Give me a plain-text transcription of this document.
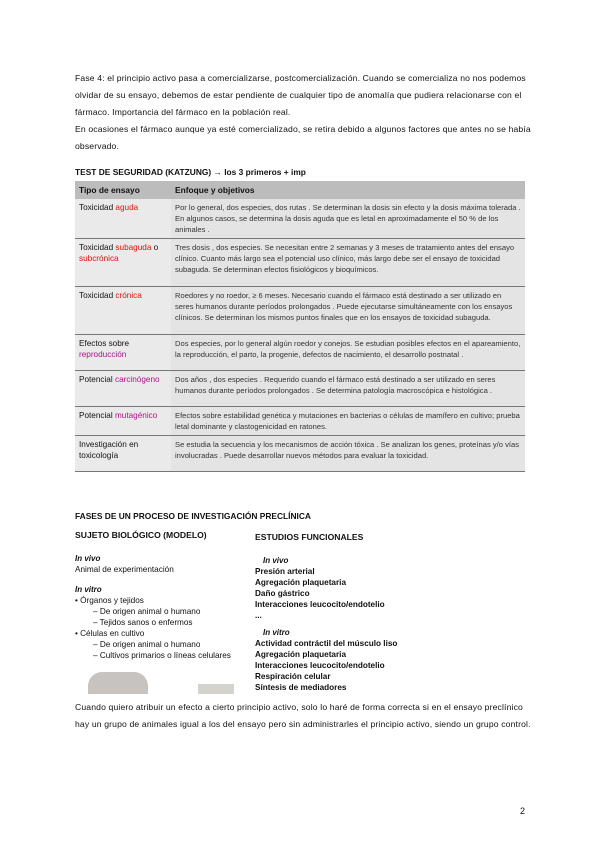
Fase 4: el principio activo pasa a comercializarse, postcomercialización. Cuando se comercializa no nos podemos olvidar de su ensayo, debemos de estar pendiente de cualquier tipo de anomalía que pudiera relacionarse con el fármaco. Importancia del fármaco en la población real.
En ocasiones el fármaco aunque ya esté comercializado, se retira debido a algunos factores que antes no se había observado.
TEST DE SEGURIDAD (KATZUNG) → los 3 primeros + imp
Tipo de ensayo	Enfoque y objetivos
Toxicidad aguda	Por lo general, dos especies, dos rutas . Se determinan la dosis sin efecto y la dosis máxima tolerada . En algunos casos, se determina la dosis aguda que es letal en aproximadamente el 50 % de los animales .
Toxicidad subaguda o subcrónica	Tres dosis , dos especies. Se necesitan entre 2 semanas y 3 meses de tratamiento antes del ensayo clínico. Cuanto más largo sea el potencial uso clínico, más largo debe ser el ensayo de toxicidad subaguda. Se determinan efectos fisiológicos y bioquímicos.
Toxicidad crónica	Roedores y no roedor, ≥ 6 meses. Necesario cuando el fármaco está destinado a ser utilizado en seres humanos durante períodos prolongados . Puede ejecutarse simultáneamente con los ensayos clínicos. Se determinan los mismos puntos finales que en los ensayos de toxicidad subaguda.
Efectos sobre reproducción	Dos especies, por lo general algún roedor y conejos. Se estudian posibles efectos en el apareamiento, la reproducción, el parto, la progenie, defectos de nacimiento, el desarrollo postnatal .
Potencial carcinógeno	Dos años , dos especies . Requerido cuando el fármaco está destinado a ser utilizado en seres humanos durante períodos prolongados . Se determina patología macroscópica e histológica .
Potencial mutagénico	Efectos sobre estabilidad genética y mutaciones en bacterias o células de mamífero en cultivo; prueba letal dominante y clastogenicidad en ratones.
Investigación en toxicología	Se estudia la secuencia y los mecanismos de acción tóxica . Se analizan los genes, proteínas y/o vías involucradas . Puede desarrollar nuevos métodos para evaluar la toxicidad.
FASES DE UN PROCESO DE INVESTIGACIÓN PRECLÍNICA
SUJETO BIOLÓGICO (MODELO)
In vivo
Animal de experimentación
In vitro
• Órganos y tejidos
– De origen animal o humano
– Tejidos sanos o enfermos
• Células en cultivo
– De origen animal o humano
– Cultivos primarios o líneas celulares
ESTUDIOS FUNCIONALES
In vivo
Presión arterial
Agregación plaquetaria
Daño gástrico
Interacciones leucocito/endotelio
...
In vitro
Actividad contráctil del músculo liso
Agregación plaquetaria
Interacciones leucocito/endotelio
Respiración celular
Síntesis de mediadores
Cuando quiero atribuir un efecto a cierto principio activo, solo lo haré de forma correcta si en el ensayo preclínico hay un grupo de animales igual a los del ensayo pero sin administrarles el principio activo, siendo un grupo control.
2
